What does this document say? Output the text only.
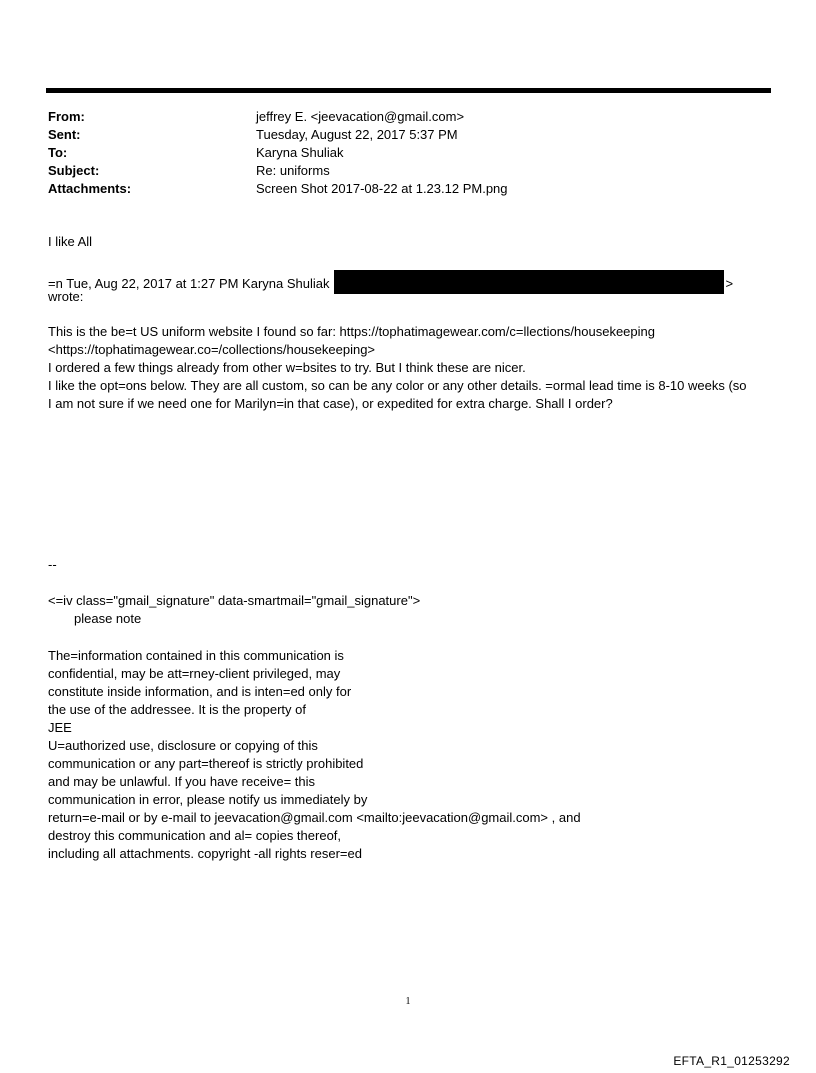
From:	jeffrey E. <jeevacation@gmail.com>
Sent:	Tuesday, August 22, 2017 5:37 PM
To:	Karyna Shuliak
Subject:	Re: uniforms
Attachments:	Screen Shot 2017-08-22 at 1.23.12 PM.png
I like All
=n Tue, Aug 22, 2017 at 1:27 PM Karyna Shuliak	>
wrote:
This is the be=t US uniform website I found so far: https://tophatimagewear.com/c=llections/housekeeping
<https://tophatimagewear.co=/collections/housekeeping>
I ordered a few things already from other w=bsites to try. But I think these are nicer.
I like the opt=ons below. They are all custom, so can be any color or any other details. =ormal lead time is 8-10 weeks (so
I am not sure if we need one for Marilyn=in that case), or expedited for extra charge. Shall I order?
--
<=iv class="gmail_signature" data-smartmail="gmail_signature">
please note
The=information contained in this communication is
confidential, may be att=rney-client privileged, may
constitute inside information, and is inten=ed only for
the use of the addressee. It is the property of
JEE
U=authorized use, disclosure or copying of this
communication or any part=thereof is strictly prohibited
and may be unlawful. If you have receive= this
communication in error, please notify us immediately by
return=e-mail or by e-mail to jeevacation@gmail.com <mailto:jeevacation@gmail.com> , and
destroy this communication and al= copies thereof,
including all attachments. copyright -all rights reser=ed
1
EFTA_R1_01253292
